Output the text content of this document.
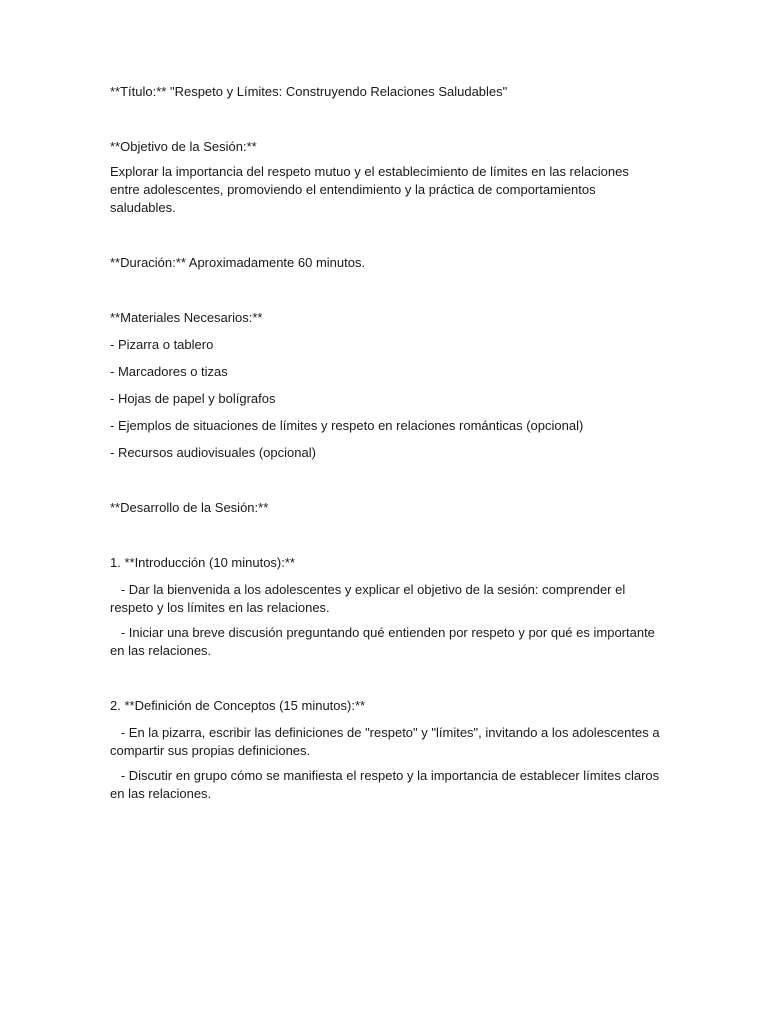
**Título:** "Respeto y Límites: Construyendo Relaciones Saludables"

**Objetivo de la Sesión:**

Explorar la importancia del respeto mutuo y el establecimiento de límites en las relaciones entre adolescentes, promoviendo el entendimiento y la práctica de comportamientos saludables.

**Duración:** Aproximadamente 60 minutos.

**Materiales Necesarios:**

- Pizarra o tablero

- Marcadores o tizas

- Hojas de papel y bolígrafos

- Ejemplos de situaciones de límites y respeto en relaciones románticas (opcional)

- Recursos audiovisuales (opcional)

**Desarrollo de la Sesión:**

1. **Introducción (10 minutos):**

- Dar la bienvenida a los adolescentes y explicar el objetivo de la sesión: comprender el respeto y los límites en las relaciones.

- Iniciar una breve discusión preguntando qué entienden por respeto y por qué es importante en las relaciones.

2. **Definición de Conceptos (15 minutos):**

- En la pizarra, escribir las definiciones de "respeto" y "límites", invitando a los adolescentes a compartir sus propias definiciones.

- Discutir en grupo cómo se manifiesta el respeto y la importancia de establecer límites claros en las relaciones.
